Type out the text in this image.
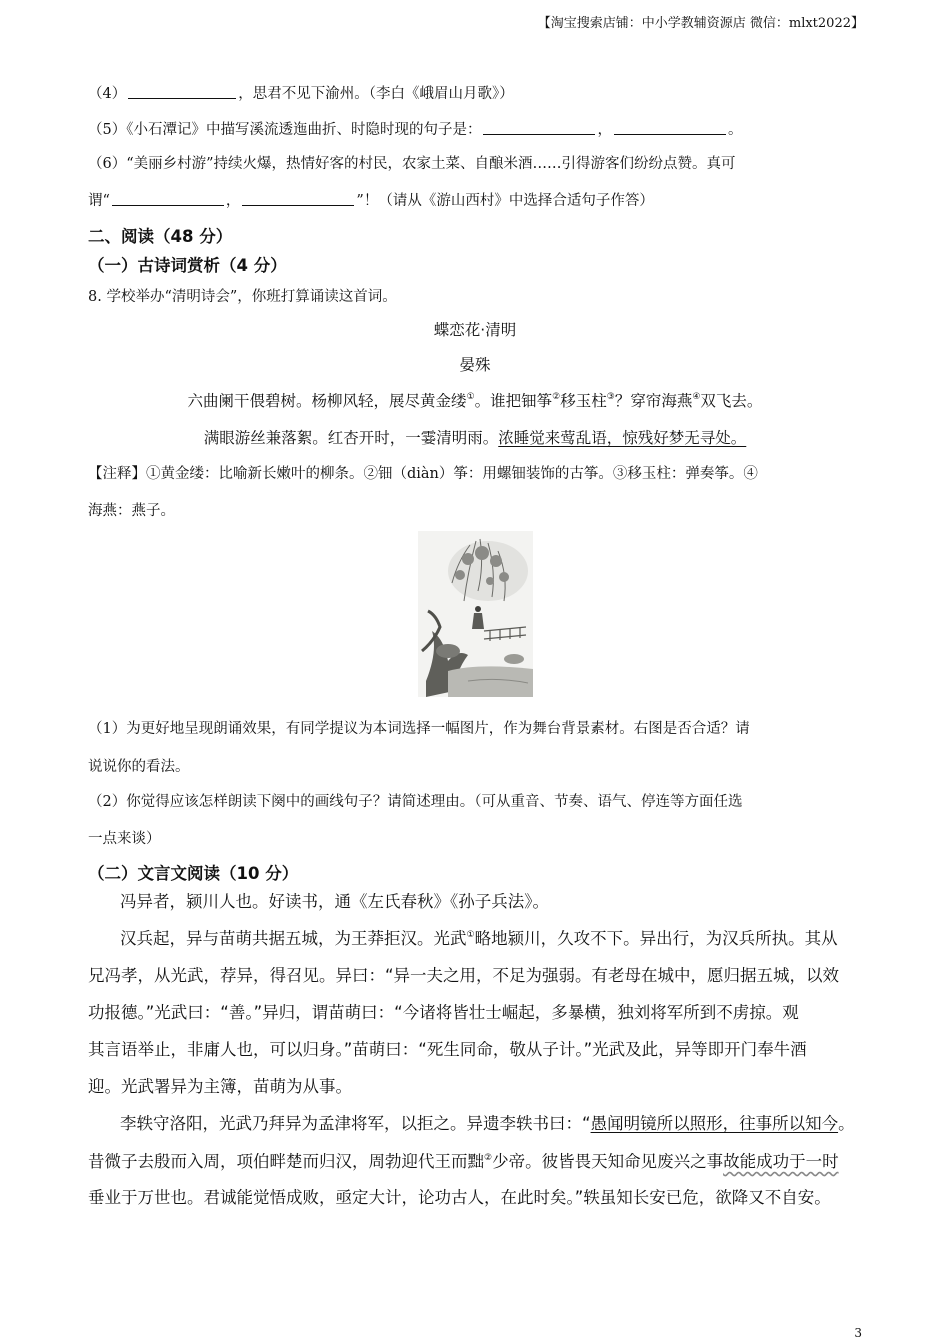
【淘宝搜索店铺：中小学教辅资源店 微信：mlxt2022】
（4）	，思君不见下渝州。（李白《峨眉山月歌》）
（5）《小石潭记》中描写溪流透迤曲折、时隐时现的句子是：	，	。
（6）“美丽乡村游”持续火爆，热情好客的村民，农家土菜、自酿米酒……引得游客们纷纷点赞。真可
谓“	，	”！（请从《游山西村》中选择合适句子作答）
二、阅读（48 分）
（一）古诗词赏析（4 分）
8. 学校举办“清明诗会”，你班打算诵读这首词。
蝶恋花·清明
晏殊
六曲阑干偎碧树。杨柳风轻，展尽黄金缕①。谁把钿筝②移玉柱③？穿帘海燕④双飞去。
满眼游丝兼落絮。红杏开时，一霎清明雨。浓睡觉来莺乱语，惊残好梦无寻处。
【注释】①黄金缕：比喻新长嫩叶的柳条。②钿（diàn）筝：用螺钿装饰的古筝。③移玉柱：弹奏筝。④
海燕：燕子。
（1）为更好地呈现朗诵效果，有同学提议为本词选择一幅图片，作为舞台背景素材。右图是否合适？请
说说你的看法。
（2）你觉得应该怎样朗读下阕中的画线句子？请简述理由。（可从重音、节奏、语气、停连等方面任选
一点来谈）
（二）文言文阅读（10 分）
冯异者，颍川人也。好读书，通《左氏春秋》《孙子兵法》。
汉兵起，异与苗萌共据五城，为王莽拒汉。光武①略地颍川，久攻不下。异出行，为汉兵所执。其从
兄冯孝，从光武，荐异，得召见。异曰：“异一夫之用，不足为强弱。有老母在城中，愿归据五城，以效
功报德。”光武曰：“善。”异归，谓苗萌曰：“今诸将皆壮士崛起，多暴横，独刘将军所到不虏掠。观
其言语举止，非庸人也，可以归身。”苗萌曰：“死生同命，敬从子计。”光武及此，异等即开门奉牛酒
迎。光武署异为主簿，苗萌为从事。
李轶守洛阳，光武乃拜异为孟津将军，以拒之。异遗李轶书曰：“愚闻明镜所以照形，往事所以知今。
昔微子去殷而入周，项伯畔楚而归汉，周勃迎代王而黜②少帝。彼皆畏天知命见废兴之事故能成功于一时
垂业于万世也。君诚能觉悟成败，亟定大计，论功古人，在此时矣。”轶虽知长安已危，欲降又不自安。
3
